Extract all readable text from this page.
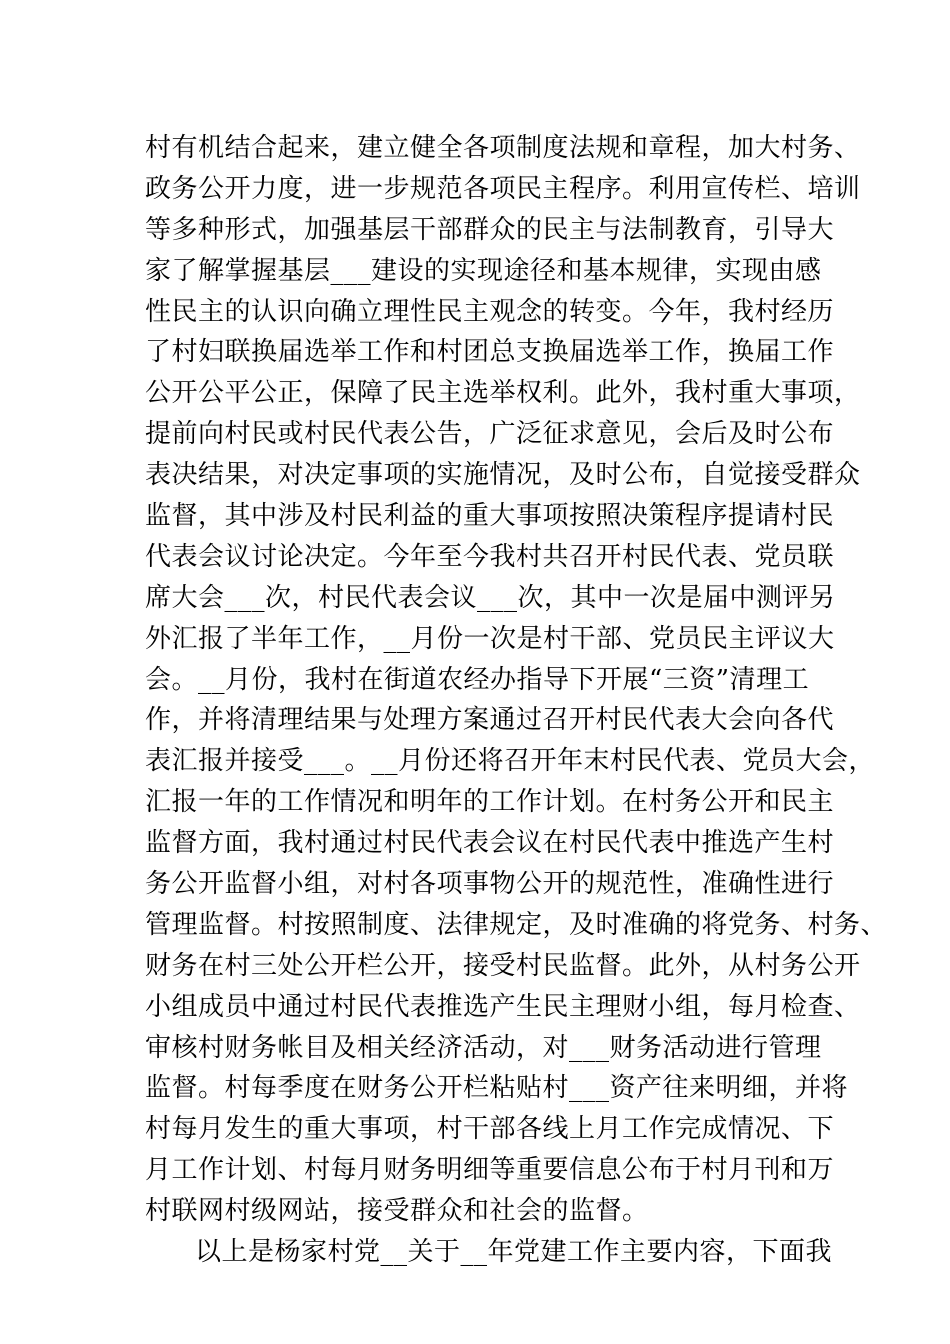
村有机结合起来，建立健全各项制度法规和章程，加大村务、
政务公开力度，进一步规范各项民主程序。利用宣传栏、培训
等多种形式，加强基层干部群众的民主与法制教育，引导大
家了解掌握基层___建设的实现途径和基本规律，实现由感
性民主的认识向确立理性民主观念的转变。今年，我村经历
了村妇联换届选举工作和村团总支换届选举工作，换届工作
公开公平公正，保障了民主选举权利。此外，我村重大事项，
提前向村民或村民代表公告，广泛征求意见，会后及时公布
表决结果，对决定事项的实施情况，及时公布，自觉接受群众
监督，其中涉及村民利益的重大事项按照决策程序提请村民
代表会议讨论决定。今年至今我村共召开村民代表、党员联
席大会___次，村民代表会议___次，其中一次是届中测评另
外汇报了半年工作，__月份一次是村干部、党员民主评议大
会。__月份，我村在街道农经办指导下开展“三资”清理工
作，并将清理结果与处理方案通过召开村民代表大会向各代
表汇报并接受___。__月份还将召开年末村民代表、党员大会，
汇报一年的工作情况和明年的工作计划。在村务公开和民主
监督方面，我村通过村民代表会议在村民代表中推选产生村
务公开监督小组，对村各项事物公开的规范性，准确性进行
管理监督。村按照制度、法律规定，及时准确的将党务、村务、
财务在村三处公开栏公开，接受村民监督。此外，从村务公开
小组成员中通过村民代表推选产生民主理财小组，每月检查、
审核村财务帐目及相关经济活动，对___财务活动进行管理
监督。村每季度在财务公开栏粘贴村___资产往来明细，并将
村每月发生的重大事项，村干部各线上月工作完成情况、下
月工作计划、村每月财务明细等重要信息公布于村月刊和万
村联网村级网站，接受群众和社会的监督。
以上是杨家村党__关于__年党建工作主要内容，下面我
